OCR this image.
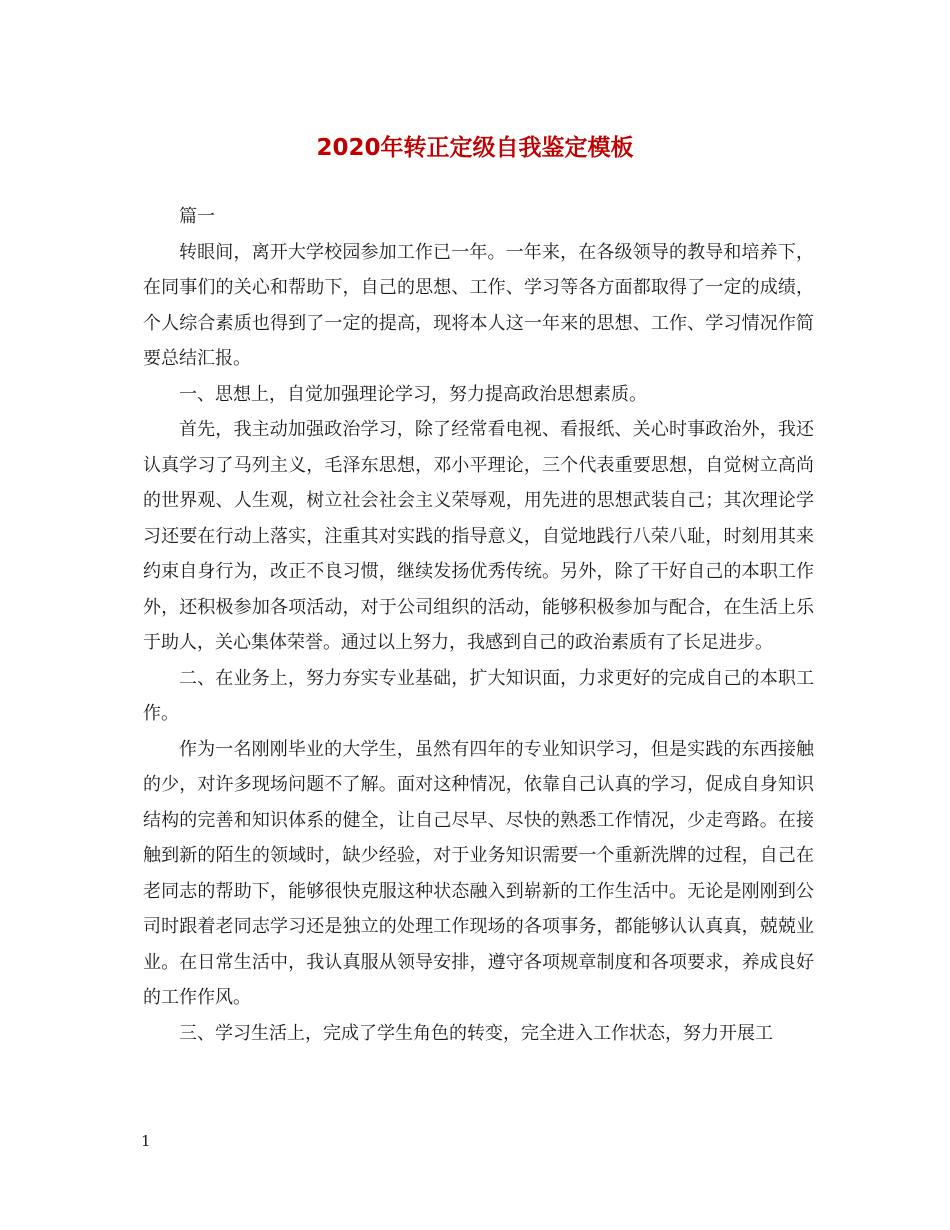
2020年转正定级自我鉴定模板

篇一

转眼间，离开大学校园参加工作已一年。一年来，在各级领导的教导和培养下，在同事们的关心和帮助下，自己的思想、工作、学习等各方面都取得了一定的成绩，个人综合素质也得到了一定的提高，现将本人这一年来的思想、工作、学习情况作简要总结汇报。

一、思想上，自觉加强理论学习，努力提高政治思想素质。

首先，我主动加强政治学习，除了经常看电视、看报纸、关心时事政治外，我还认真学习了马列主义，毛泽东思想，邓小平理论，三个代表重要思想，自觉树立高尚的世界观、人生观，树立社会社会主义荣辱观，用先进的思想武装自己；其次理论学习还要在行动上落实，注重其对实践的指导意义，自觉地践行八荣八耻，时刻用其来约束自身行为，改正不良习惯，继续发扬优秀传统。另外，除了干好自己的本职工作外，还积极参加各项活动，对于公司组织的活动，能够积极参加与配合，在生活上乐于助人，关心集体荣誉。通过以上努力，我感到自己的政治素质有了长足进步。

二、在业务上，努力夯实专业基础，扩大知识面，力求更好的完成自己的本职工作。

作为一名刚刚毕业的大学生，虽然有四年的专业知识学习，但是实践的东西接触的少，对许多现场问题不了解。面对这种情况，依靠自己认真的学习，促成自身知识结构的完善和知识体系的健全，让自己尽早、尽快的熟悉工作情况，少走弯路。在接触到新的陌生的领域时，缺少经验，对于业务知识需要一个重新洗牌的过程，自己在老同志的帮助下，能够很快克服这种状态融入到崭新的工作生活中。无论是刚刚到公司时跟着老同志学习还是独立的处理工作现场的各项事务，都能够认认真真，兢兢业业。在日常生活中，我认真服从领导安排，遵守各项规章制度和各项要求，养成良好的工作作风。

三、学习生活上，完成了学生角色的转变，完全进入工作状态，努力开展工

1
